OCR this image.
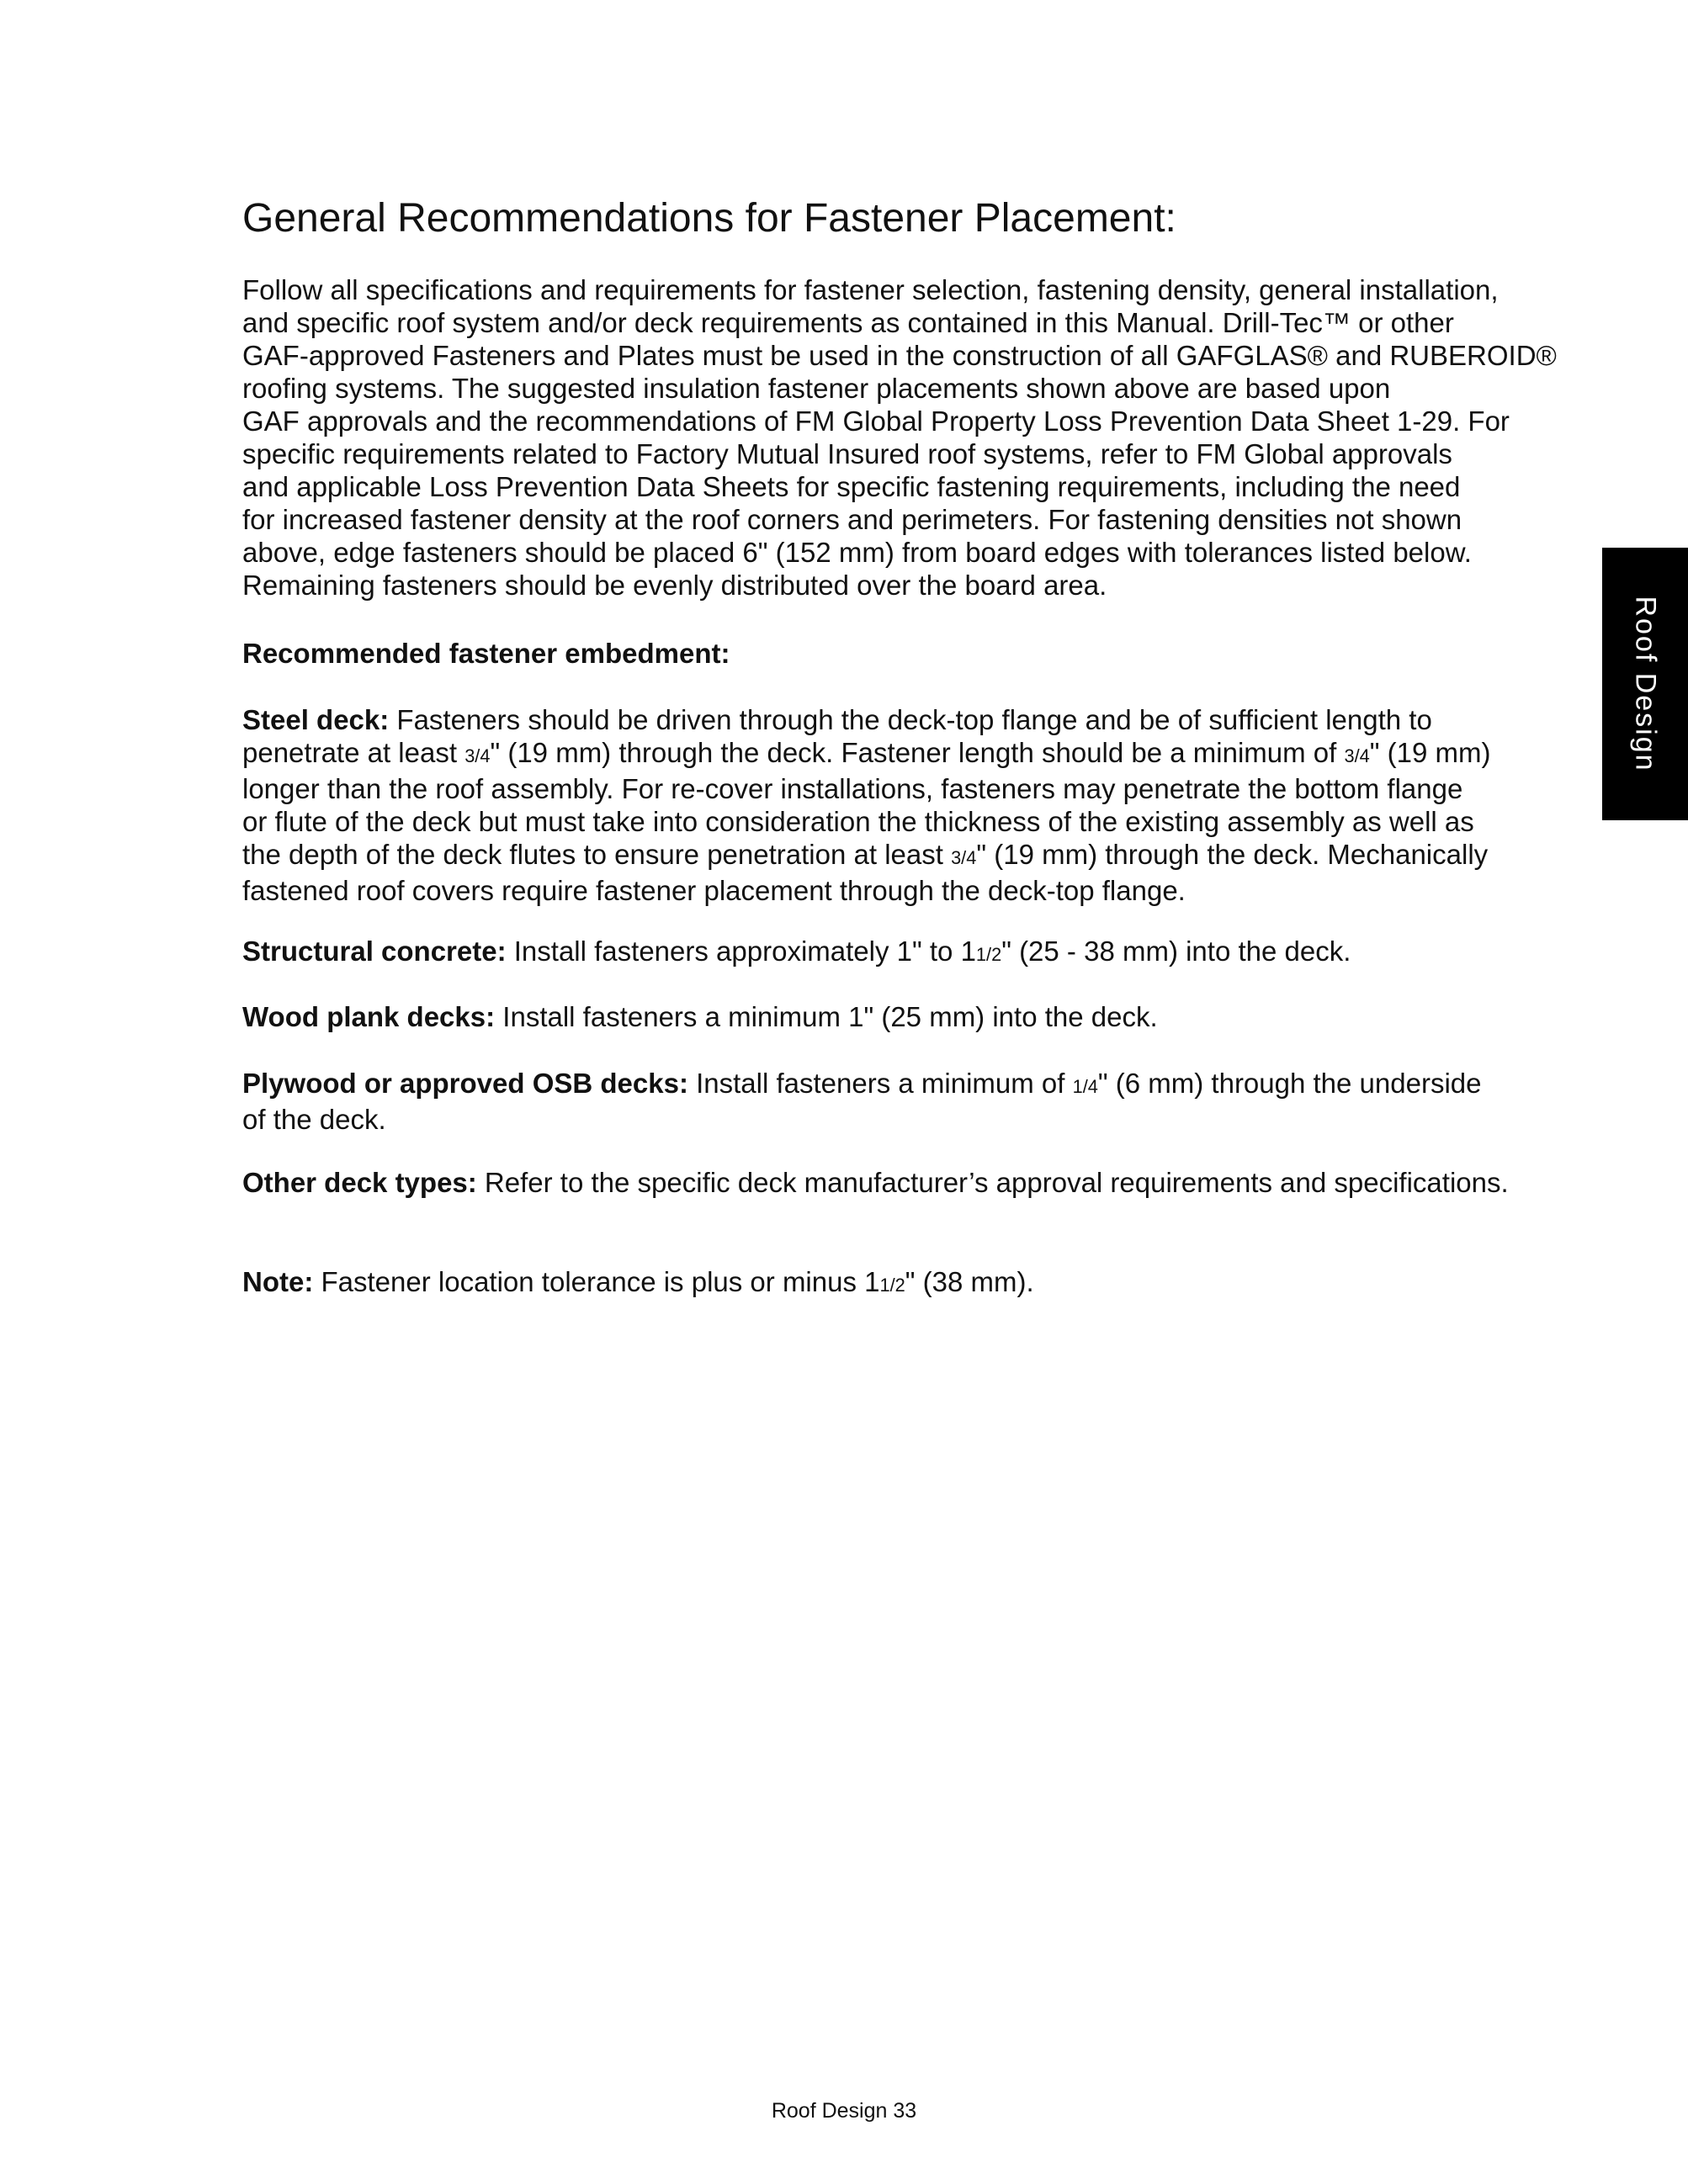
General Recommendations for Fastener Placement:
Follow all specifications and requirements for fastener selection, fastening density, general installation,
and specific roof system and/or deck requirements as contained in this Manual. Drill-Tec™ or other
GAF-approved Fasteners and Plates must be used in the construction of all GAFGLAS® and RUBEROID®
roofing systems. The suggested insulation fastener placements shown above are based upon
GAF approvals and the recommendations of FM Global Property Loss Prevention Data Sheet 1-29. For
specific requirements related to Factory Mutual Insured roof systems, refer to FM Global approvals
and applicable Loss Prevention Data Sheets for specific fastening requirements, including the need
for increased fastener density at the roof corners and perimeters. For fastening densities not shown
above, edge fasteners should be placed 6" (152 mm) from board edges with tolerances listed below.
Remaining fasteners should be evenly distributed over the board area.
Recommended fastener embedment:
Steel deck: Fasteners should be driven through the deck-top flange and be of sufficient length to
penetrate at least 3/4" (19 mm) through the deck. Fastener length should be a minimum of 3/4" (19 mm)
longer than the roof assembly. For re-cover installations, fasteners may penetrate the bottom flange
or flute of the deck but must take into consideration the thickness of the existing assembly as well as
the depth of the deck flutes to ensure penetration at least 3/4" (19 mm) through the deck. Mechanically
fastened roof covers require fastener placement through the deck-top flange.
Structural concrete: Install fasteners approximately 1" to 11/2" (25 - 38 mm) into the deck.
Wood plank decks: Install fasteners a minimum 1" (25 mm) into the deck.
Plywood or approved OSB decks: Install fasteners a minimum of 1/4" (6 mm) through the underside
of the deck.
Other deck types: Refer to the specific deck manufacturer’s approval requirements and specifications.
Note: Fastener location tolerance is plus or minus 11/2" (38 mm).
Roof Design
Roof Design 33
